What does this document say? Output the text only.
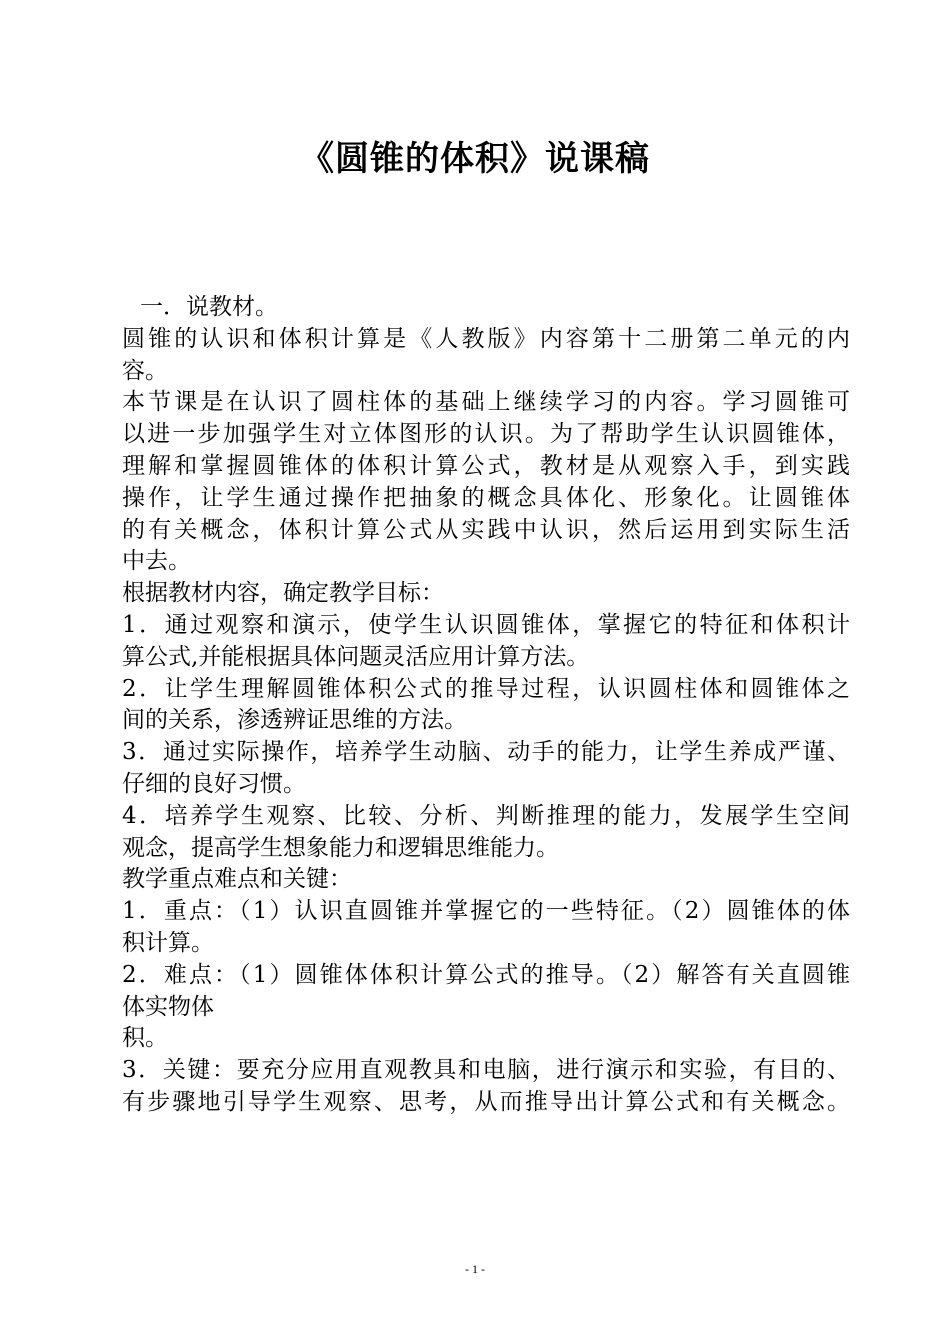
《圆锥的体积》说课稿
一．说教材。
圆锥的认识和体积计算是《人教版》内容第十二册第二单元的内
容。
本节课是在认识了圆柱体的基础上继续学习的内容。学习圆锥可
以进一步加强学生对立体图形的认识。为了帮助学生认识圆锥体，
理解和掌握圆锥体的体积计算公式，教材是从观察入手，到实践
操作，让学生通过操作把抽象的概念具体化、形象化。让圆锥体
的有关概念，体积计算公式从实践中认识，然后运用到实际生活
中去。
根据教材内容，确定教学目标：
1．通过观察和演示，使学生认识圆锥体，掌握它的特征和体积计
算公式,并能根据具体问题灵活应用计算方法。
2．让学生理解圆锥体积公式的推导过程，认识圆柱体和圆锥体之
间的关系，渗透辨证思维的方法。
3．通过实际操作，培养学生动脑、动手的能力，让学生养成严谨、
仔细的良好习惯。
4．培养学生观察、比较、分析、判断推理的能力，发展学生空间
观念，提高学生想象能力和逻辑思维能力。
教学重点难点和关键：
1．重点：（1）认识直圆锥并掌握它的一些特征。（2）圆锥体的体
积计算。
2．难点：（1）圆锥体体积计算公式的推导。（2）解答有关直圆锥
体实物体
积。
3．关键：要充分应用直观教具和电脑，进行演示和实验，有目的、
有步骤地引导学生观察、思考，从而推导出计算公式和有关概念。
- 1 -
